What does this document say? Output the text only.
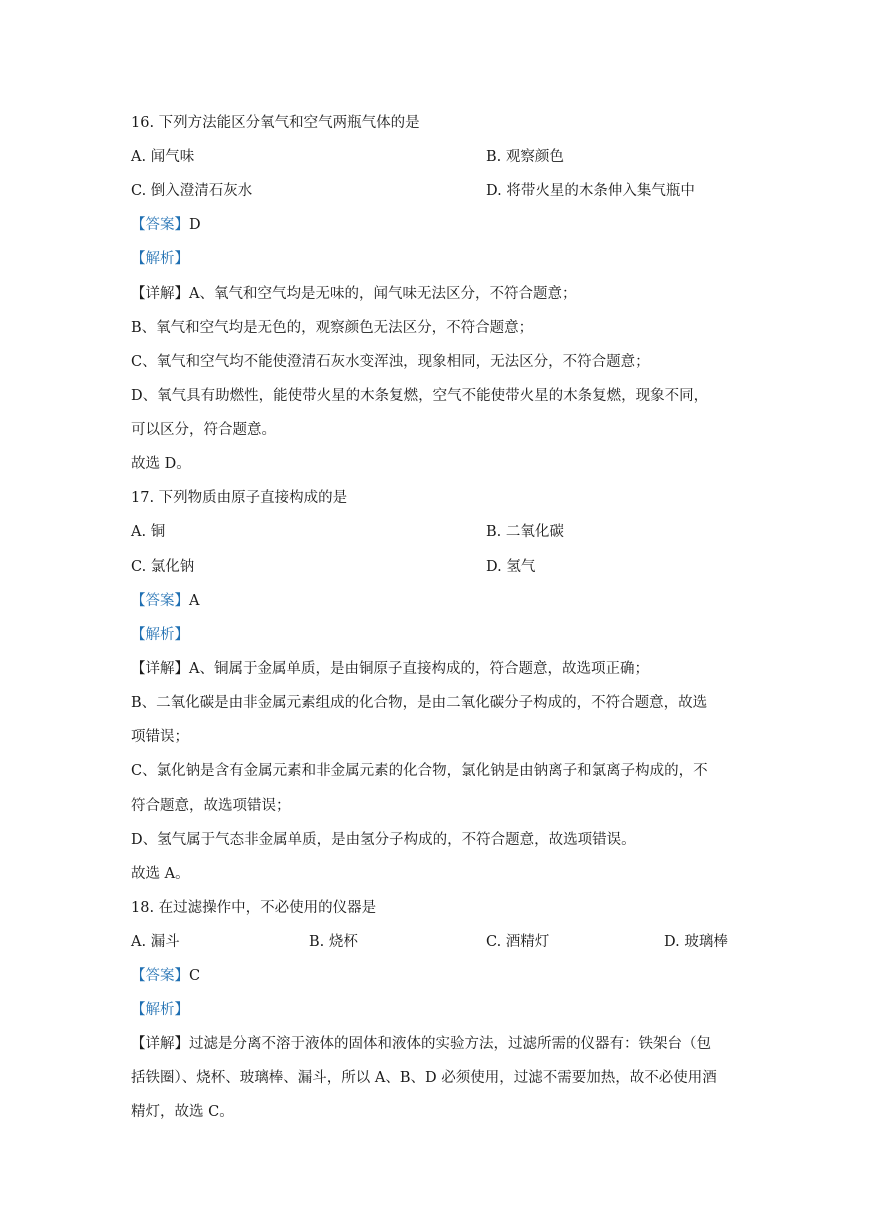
16. 下列方法能区分氧气和空气两瓶气体的是
A. 闻气味	B. 观察颜色
C. 倒入澄清石灰水	D. 将带火星的木条伸入集气瓶中
【答案】D
【解析】
【详解】A、氧气和空气均是无味的，闻气味无法区分，不符合题意；
B、氧气和空气均是无色的，观察颜色无法区分，不符合题意；
C、氧气和空气均不能使澄清石灰水变浑浊，现象相同，无法区分，不符合题意；
D、氧气具有助燃性，能使带火星的木条复燃，空气不能使带火星的木条复燃，现象不同，
可以区分，符合题意。
故选 D。
17. 下列物质由原子直接构成的是
A. 铜	B. 二氧化碳
C. 氯化钠	D. 氢气
【答案】A
【解析】
【详解】A、铜属于金属单质，是由铜原子直接构成的，符合题意，故选项正确；
B、二氧化碳是由非金属元素组成的化合物，是由二氧化碳分子构成的，不符合题意，故选
项错误；
C、氯化钠是含有金属元素和非金属元素的化合物，氯化钠是由钠离子和氯离子构成的，不
符合题意，故选项错误；
D、氢气属于气态非金属单质，是由氢分子构成的，不符合题意，故选项错误。
故选 A。
18. 在过滤操作中，不必使用的仪器是
A. 漏斗	B. 烧杯	C. 酒精灯	D. 玻璃棒
【答案】C
【解析】
【详解】过滤是分离不溶于液体的固体和液体的实验方法，过滤所需的仪器有：铁架台（包
括铁圈）、烧杯、玻璃棒、漏斗，所以 A、B、D 必须使用，过滤不需要加热，故不必使用酒
精灯，故选 C。
